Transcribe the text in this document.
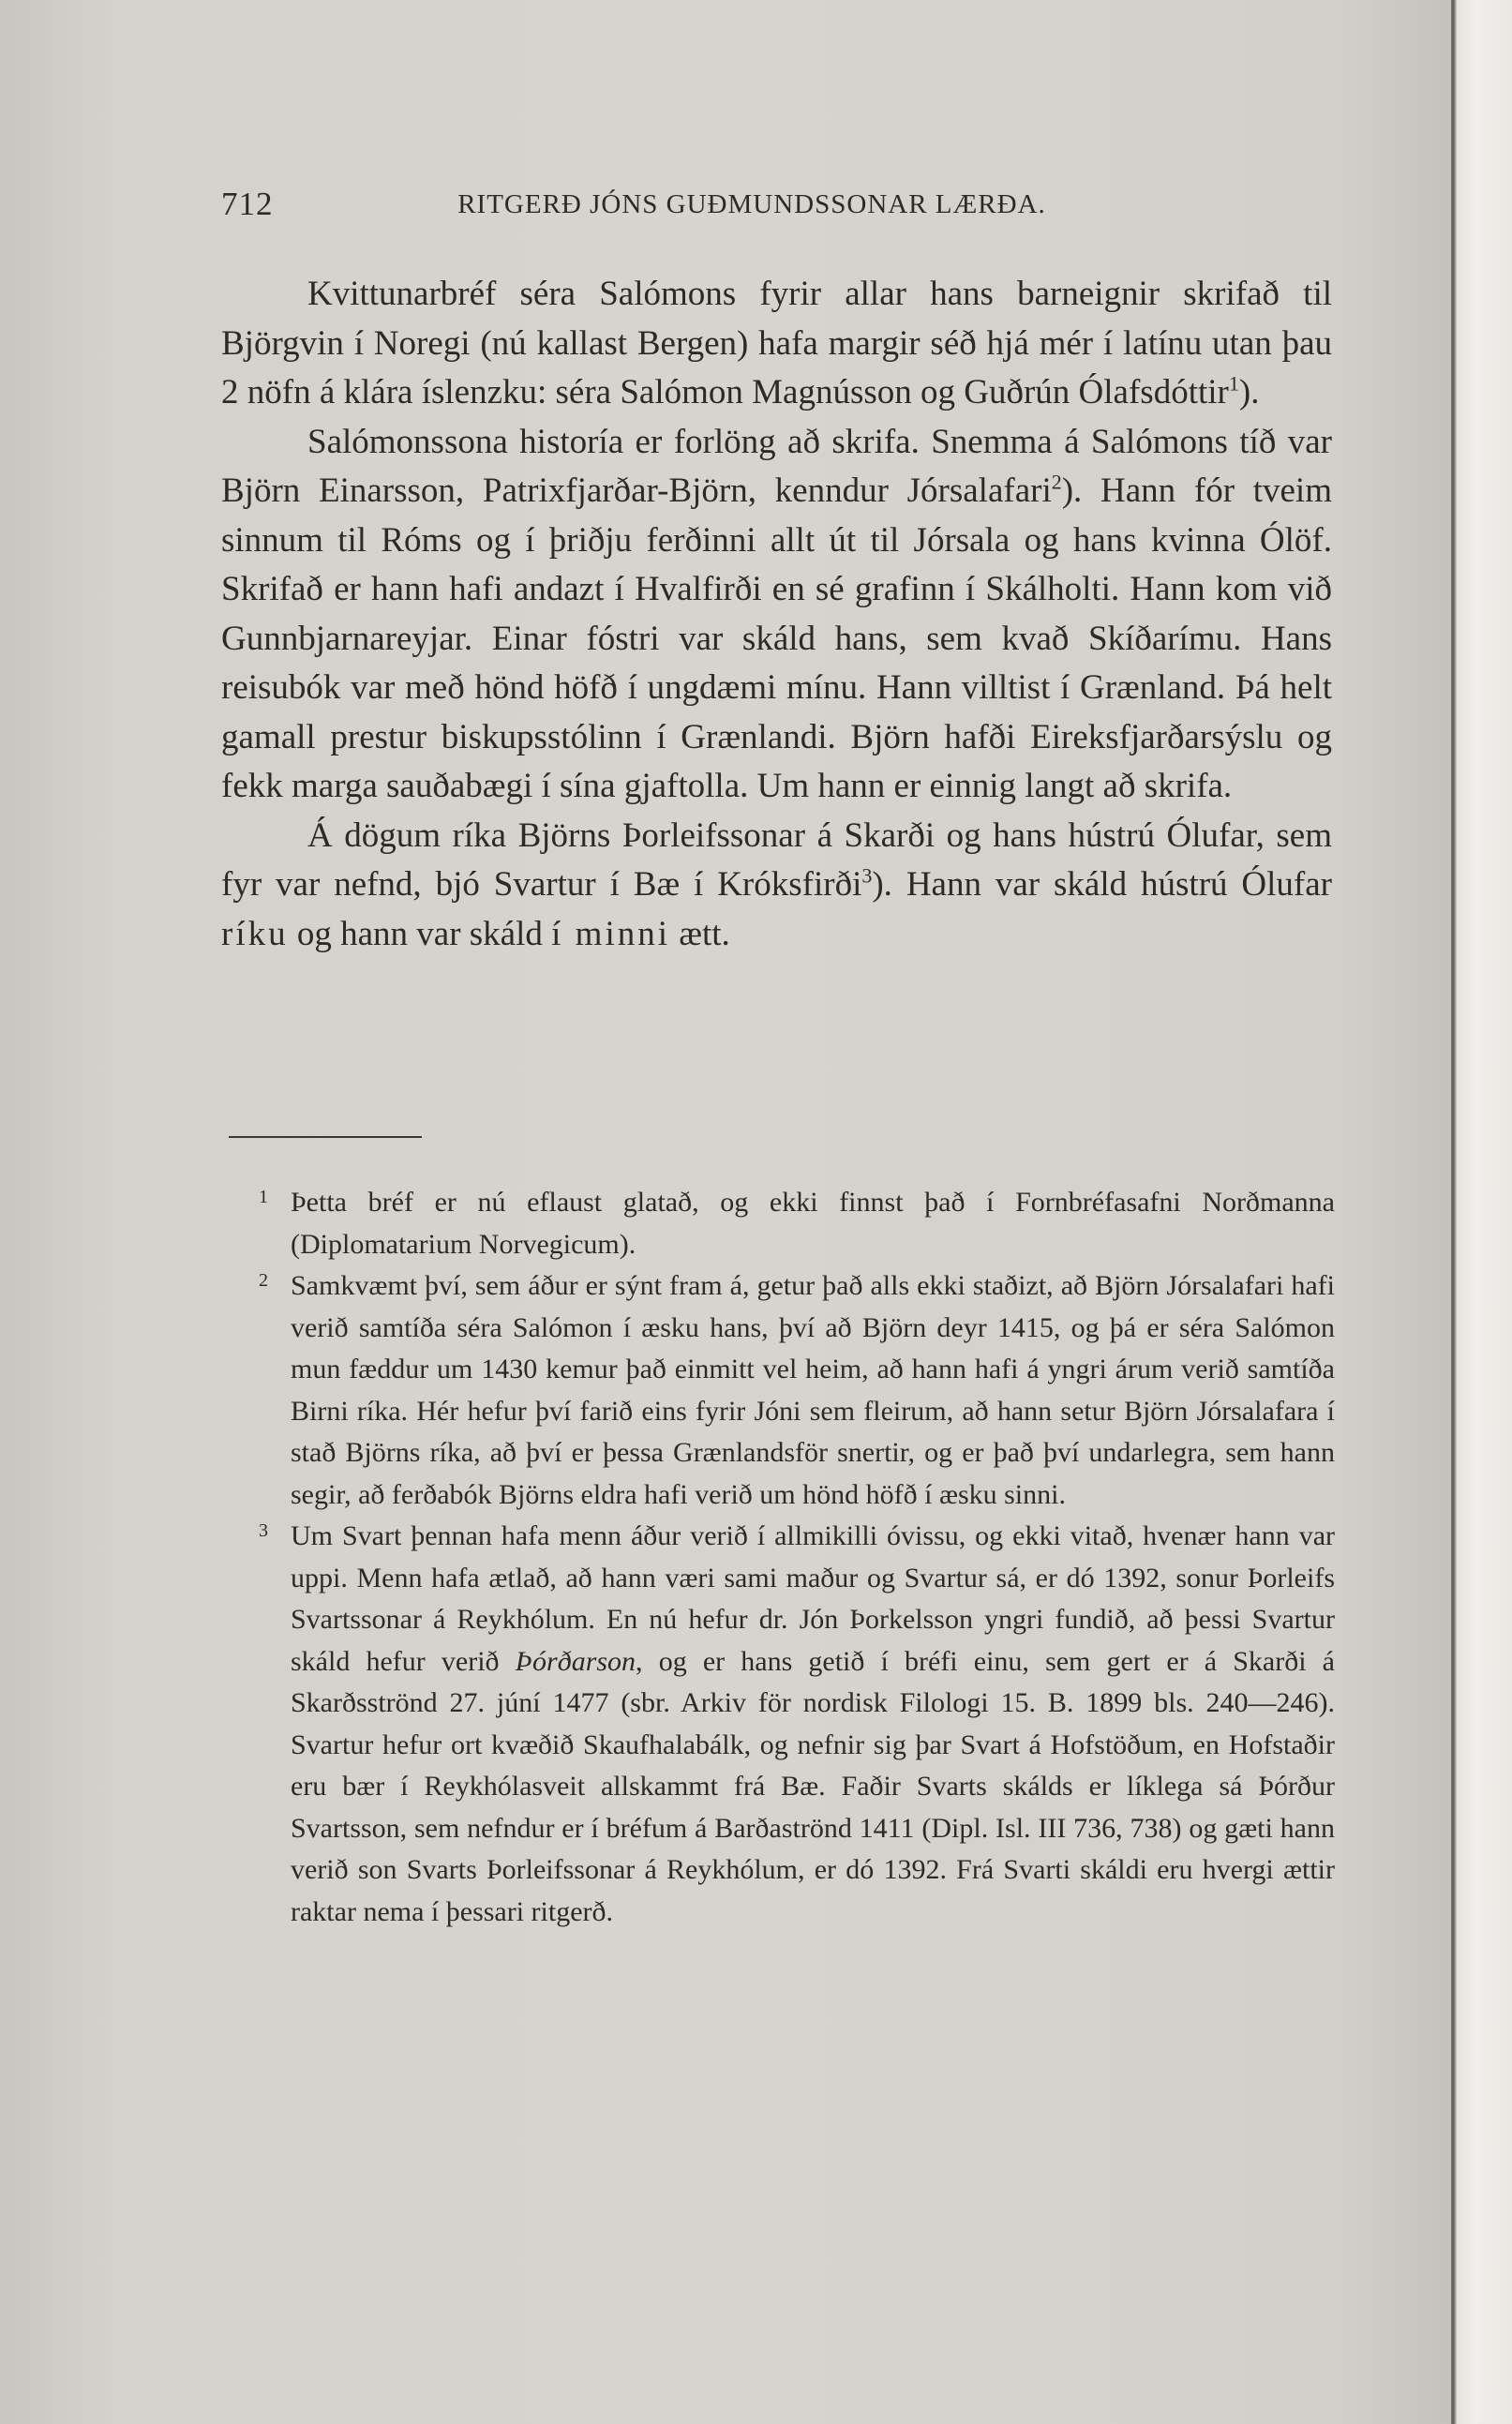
712	RITGERÐ JÓNS GUÐMUNDSSONAR LÆRÐA.

Kvittunarbréf séra Salómons fyrir allar hans barneignir skrifað til Björgvin í Noregi (nú kallast Bergen) hafa margir séð hjá mér í latínu utan þau 2 nöfn á klára íslenzku: séra Salómon Magnússon og Guðrún Ólafsdóttir$^1$).

Salómonssona historía er forlöng að skrifa. Snemma á Salómons tíð var Björn Einarsson, Patrixfjarðar-Björn, kenndur Jórsalafari$^2$). Hann fór tveim sinnum til Róms og í þriðju ferðinni allt út til Jórsala og hans kvinna Ólöf. Skrifað er hann hafi andazt í Hvalfirði en sé grafinn í Skálholti. Hann kom við Gunnbjarnareyjar. Einar fóstri var skáld hans, sem kvað Skíðarímu. Hans reisubók var með hönd höfð í ungdæmi mínu. Hann villtist í Grænland. Þá helt gamall prestur biskupsstólinn í Grænlandi. Björn hafði Eireksfjarðarsýslu og fekk marga sauðabægi í sína gjaftolla. Um hann er einnig langt að skrifa.

Á dögum ríka Björns Þorleifssonar á Skarði og hans hústrú Ólufar, sem fyr var nefnd, bjó Svartur í Bæ í Króksfirði$^3$). Hann var skáld hústrú Ólufar ríku og hann var skáld í minni ætt.

1 Þetta bréf er nú eflaust glatað, og ekki finnst það í Fornbréfasafni Norðmanna (Diplomatarium Norvegicum).
2 Samkvæmt því, sem áður er sýnt fram á, getur það alls ekki staðizt, að Björn Jórsalafari hafi verið samtíða séra Salómon í æsku hans, því að Björn deyr 1415, og þá er séra Salómon mun fæddur um 1430 kemur það einmitt vel heim, að hann hafi á yngri árum verið samtíða Birni ríka. Hér hefur því farið eins fyrir Jóni sem fleirum, að hann setur Björn Jórsalafara í stað Björns ríka, að því er þessa Grænlandsför snertir, og er það því undarlegra, sem hann segir, að ferðabók Björns eldra hafi verið um hönd höfð í æsku sinni.
3 Um Svart þennan hafa menn áður verið í allmikilli óvissu, og ekki vitað, hvenær hann var uppi. Menn hafa ætlað, að hann væri sami maður og Svartur sá, er dó 1392, sonur Þorleifs Svartssonar á Reykhólum. En nú hefur dr. Jón Þorkelsson yngri fundið, að þessi Svartur skáld hefur verið Þórðarson, og er hans getið í bréfi einu, sem gert er á Skarði á Skarðsströnd 27. júní 1477 (sbr. Arkiv för nordisk Filologi 15. B. 1899 bls. 240—246). Svartur hefur ort kvæðið Skaufhalabálk, og nefnir sig þar Svart á Hofstöðum, en Hofstaðir eru bær í Reykhólasveit allskammt frá Bæ. Faðir Svarts skálds er líklega sá Þórður Svartsson, sem nefndur er í bréfum á Barðaströnd 1411 (Dipl. Isl. III 736, 738) og gæti hann verið son Svarts Þorleifssonar á Reykhólum, er dó 1392. Frá Svarti skáldi eru hvergi ættir raktar nema í þessari ritgerð.
